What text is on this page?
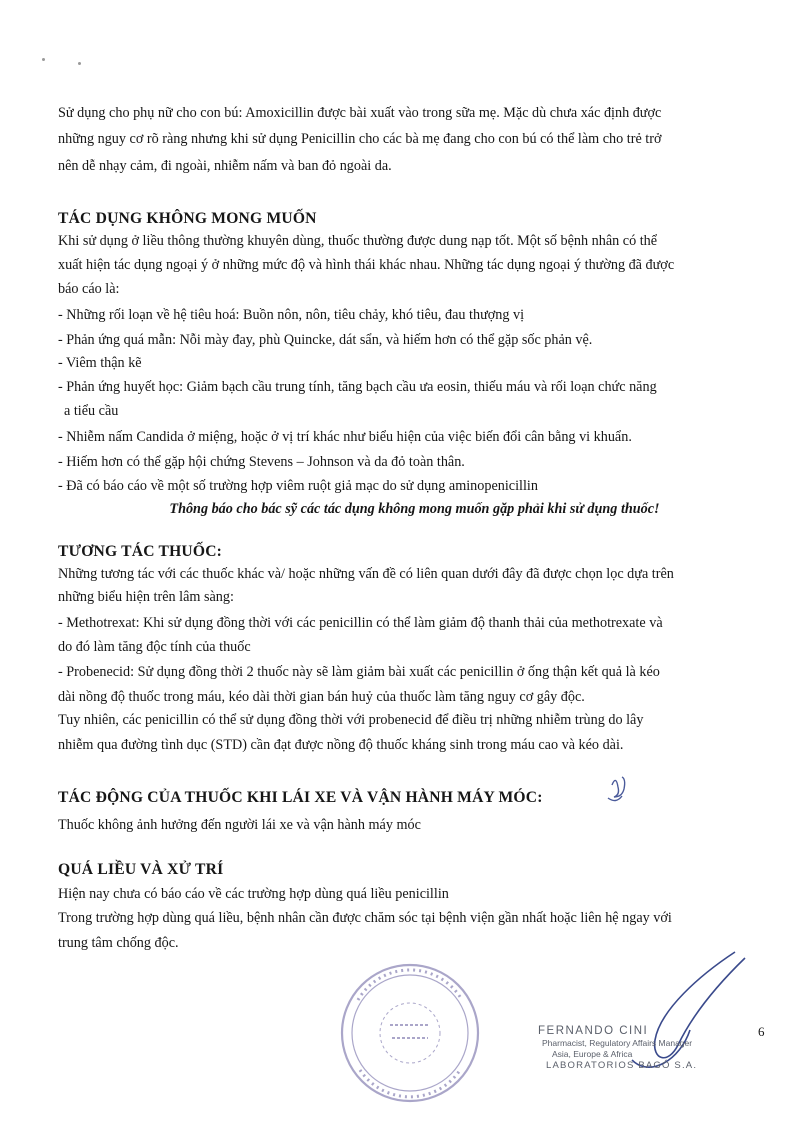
Sử dụng cho phụ nữ cho con bú: Amoxicillin được bài xuất vào trong sữa mẹ. Mặc dù chưa xác định được
những nguy cơ rõ ràng nhưng khi sử dụng Penicillin cho các bà mẹ đang cho con bú có thể làm cho trẻ trở
nên dễ nhạy cảm, đi ngoài, nhiễm nấm và ban đỏ ngoài da.
TÁC DỤNG KHÔNG MONG MUỐN
Khi sử dụng ở liều thông thường khuyên dùng, thuốc thường được dung nạp tốt. Một số bệnh nhân có thể
xuất hiện tác dụng ngoại ý ở những mức độ và hình thái khác nhau. Những tác dụng ngoại ý thường đã được
báo cáo là:
- Những rối loạn về hệ tiêu hoá: Buồn nôn, nôn, tiêu chảy, khó tiêu, đau thượng vị
- Phản ứng quá mẫn: Nỗi mày đay, phù Quincke, dát sẩn, và hiếm hơn có thể gặp sốc phản vệ.
- Viêm thận kẽ
- Phản ứng huyết học: Giảm bạch cầu trung tính, tăng bạch cầu ưa eosin, thiếu máu và rối loạn chức năng
a tiểu cầu
- Nhiễm nấm Candida ở miệng, hoặc ở vị trí khác như biểu hiện của việc biến đổi cân bằng vi khuẩn.
- Hiếm hơn có thể gặp hội chứng Stevens – Johnson và da đỏ toàn thân.
- Đã có báo cáo về một số trường hợp viêm ruột giả mạc do sử dụng aminopenicillin
Thông báo cho bác sỹ các tác dụng không mong muốn gặp phải khi sử dụng thuốc!
TƯƠNG TÁC THUỐC:
Những tương tác với các thuốc khác và/ hoặc những vấn đề có liên quan dưới đây đã được chọn lọc dựa trên
những biểu hiện trên lâm sàng:
- Methotrexat: Khi sử dụng đồng thời với các penicillin có thể làm giảm độ thanh thải của methotrexate và
do đó làm tăng độc tính của thuốc
- Probenecid: Sử dụng đồng thời 2 thuốc này sẽ làm giảm bài xuất các penicillin ở ống thận kết quả là kéo
dài nồng độ thuốc trong máu, kéo dài thời gian bán huỷ của thuốc làm tăng nguy cơ gây độc.
Tuy nhiên, các penicillin có thể sử dụng đồng thời với probenecid để điều trị những nhiễm trùng do lây
nhiễm qua đường tình dục (STD) cần đạt được nồng độ thuốc kháng sinh trong máu cao và kéo dài.
TÁC ĐỘNG CỦA THUỐC KHI LÁI XE VÀ VẬN HÀNH MÁY MÓC:
Thuốc không ảnh hưởng đến người lái xe và vận hành máy móc
QUÁ LIỀU VÀ XỬ TRÍ
Hiện nay chưa có báo cáo về các trường hợp dùng quá liều penicillin
Trong trường hợp dùng quá liều, bệnh nhân cần được chăm sóc tại bệnh viện gần nhất hoặc liên hệ ngay với
trung tâm chống độc.
FERNANDO CINI
Pharmacist, Regulatory Affairs Manager
Asia, Europe & Africa
LABORATORIOS BAGÓ S.A.
6
